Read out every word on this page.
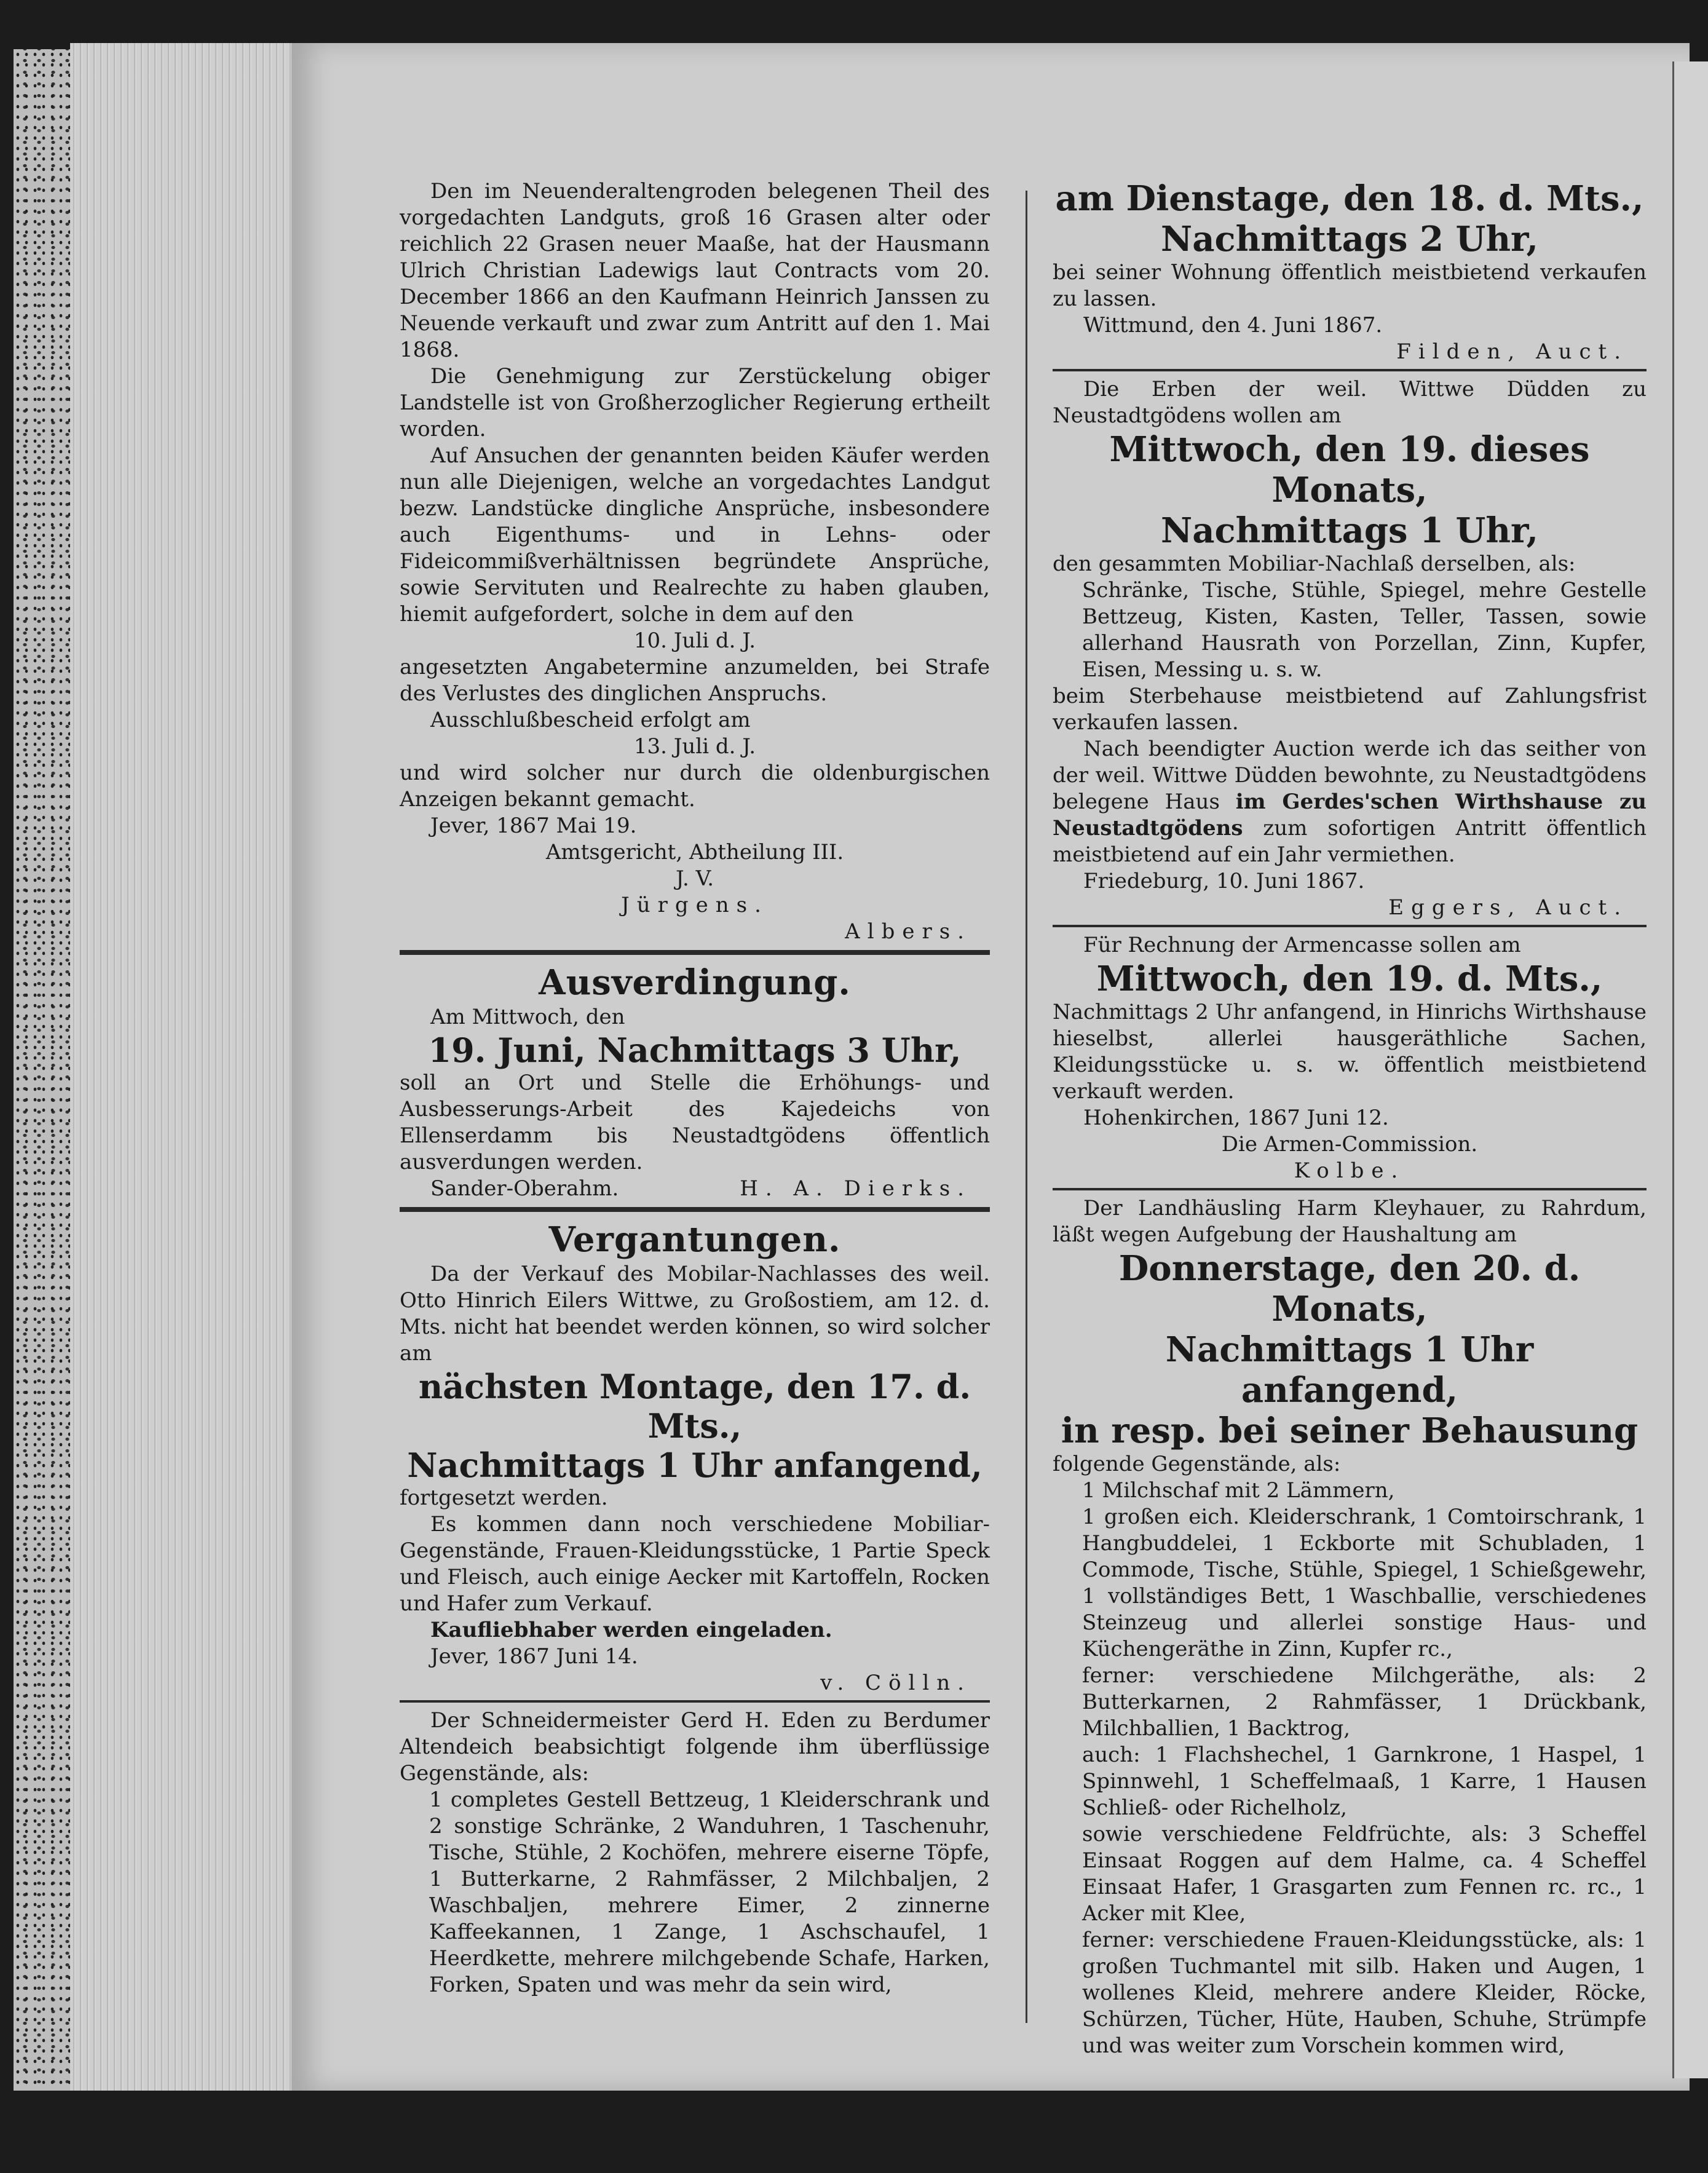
Den im Neuenderaltengroden belegenen Theil des vorgedachten Landguts, groß 16 Grasen alter oder reichlich 22 Grasen neuer Maaße, hat der Hausmann Ulrich Christian Ladewigs laut Contracts vom 20. December 1866 an den Kaufmann Heinrich Janssen zu Neuende verkauft und zwar zum Antritt auf den 1. Mai 1868.

Die Genehmigung zur Zerstückelung obiger Landstelle ist von Großherzoglicher Regierung ertheilt worden.

Auf Ansuchen der genannten beiden Käufer werden nun alle Diejenigen, welche an vorgedachtes Landgut bezw. Landstücke dingliche Ansprüche, insbesondere auch Eigenthums- und in Lehns- oder Fideicommißverhältnissen begründete Ansprüche, sowie Servituten und Realrechte zu haben glauben, hiemit aufgefordert, solche in dem auf den

10. Juli d. J.

angesetzten Angabetermine anzumelden, bei Strafe des Verlustes des dinglichen Anspruchs.

Ausschlußbescheid erfolgt am

13. Juli d. J.

und wird solcher nur durch die oldenburgischen Anzeigen bekannt gemacht.

Jever, 1867 Mai 19.

Amtsgericht, Abtheilung III.

J. V.

Jürgens.

Albers.

Ausverdingung.

Am Mittwoch, den

19. Juni, Nachmittags 3 Uhr,

soll an Ort und Stelle die Erhöhungs- und Ausbesserungs-Arbeit des Kajedeichs von Ellenserdamm bis Neustadtgödens öffentlich ausverdungen werden.

Sander-Oberahm.	H. A. Dierks.

Vergantungen.

Da der Verkauf des Mobilar-Nachlasses des weil. Otto Hinrich Eilers Wittwe, zu Großostiem, am 12. d. Mts. nicht hat beendet werden können, so wird solcher am

nächsten Montage, den 17. d. Mts.,

Nachmittags 1 Uhr anfangend,

fortgesetzt werden.

Es kommen dann noch verschiedene Mobiliar-Gegenstände, Frauen-Kleidungsstücke, 1 Partie Speck und Fleisch, auch einige Aecker mit Kartoffeln, Rocken und Hafer zum Verkauf.

Kaufliebhaber werden eingeladen.

Jever, 1867 Juni 14.

v. Cölln.

Der Schneidermeister Gerd H. Eden zu Berdumer Altendeich beabsichtigt folgende ihm überflüssige Gegenstände, als:

1 completes Gestell Bettzeug, 1 Kleiderschrank und 2 sonstige Schränke, 2 Wanduhren, 1 Taschenuhr, Tische, Stühle, 2 Kochöfen, mehrere eiserne Töpfe, 1 Butterkarne, 2 Rahmfässer, 2 Milchbaljen, 2 Waschbaljen, mehrere Eimer, 2 zinnerne Kaffeekannen, 1 Zange, 1 Aschschaufel, 1 Heerdkette, mehrere milchgebende Schafe, Harken, Forken, Spaten und was mehr da sein wird,

am Dienstage, den 18. d. Mts.,

Nachmittags 2 Uhr,

bei seiner Wohnung öffentlich meistbietend verkaufen zu lassen.

Wittmund, den 4. Juni 1867.

Filden, Auct.

Die Erben der weil. Wittwe Düdden zu Neustadtgödens wollen am

Mittwoch, den 19. dieses Monats,

Nachmittags 1 Uhr,

den gesammten Mobiliar-Nachlaß derselben, als:

Schränke, Tische, Stühle, Spiegel, mehre Gestelle Bettzeug, Kisten, Kasten, Teller, Tassen, sowie allerhand Hausrath von Porzellan, Zinn, Kupfer, Eisen, Messing u. s. w.

beim Sterbehause meistbietend auf Zahlungsfrist verkaufen lassen.

Nach beendigter Auction werde ich das seither von der weil. Wittwe Düdden bewohnte, zu Neustadtgödens belegene Haus im Gerdes'schen Wirthshause zu Neustadtgödens zum sofortigen Antritt öffentlich meistbietend auf ein Jahr vermiethen.

Friedeburg, 10. Juni 1867.

Eggers, Auct.

Für Rechnung der Armencasse sollen am

Mittwoch, den 19. d. Mts.,

Nachmittags 2 Uhr anfangend, in Hinrichs Wirthshause hieselbst, allerlei hausgeräthliche Sachen, Kleidungsstücke u. s. w. öffentlich meistbietend verkauft werden.

Hohenkirchen, 1867 Juni 12.

Die Armen-Commission.

Kolbe.

Der Landhäusling Harm Kleyhauer, zu Rahrdum, läßt wegen Aufgebung der Haushaltung am

Donnerstage, den 20. d. Monats,

Nachmittags 1 Uhr anfangend,

in resp. bei seiner Behausung

folgende Gegenstände, als:

1 Milchschaf mit 2 Lämmern,

1 großen eich. Kleiderschrank, 1 Comtoirschrank, 1 Hangbuddelei, 1 Eckborte mit Schubladen, 1 Commode, Tische, Stühle, Spiegel, 1 Schießgewehr, 1 vollständiges Bett, 1 Waschballie, verschiedenes Steinzeug und allerlei sonstige Haus- und Küchengeräthe in Zinn, Kupfer rc.,

ferner: verschiedene Milchgeräthe, als: 2 Butterkarnen, 2 Rahmfässer, 1 Drückbank, Milchballien, 1 Backtrog,

auch: 1 Flachshechel, 1 Garnkrone, 1 Haspel, 1 Spinnwehl, 1 Scheffelmaaß, 1 Karre, 1 Hausen Schließ- oder Richelholz,

sowie verschiedene Feldfrüchte, als: 3 Scheffel Einsaat Roggen auf dem Halme, ca. 4 Scheffel Einsaat Hafer, 1 Grasgarten zum Fennen rc. rc., 1 Acker mit Klee,

ferner: verschiedene Frauen-Kleidungsstücke, als: 1 großen Tuchmantel mit silb. Haken und Augen, 1 wollenes Kleid, mehrere andere Kleider, Röcke, Schürzen, Tücher, Hüte, Hauben, Schuhe, Strümpfe und was weiter zum Vorschein kommen wird,
